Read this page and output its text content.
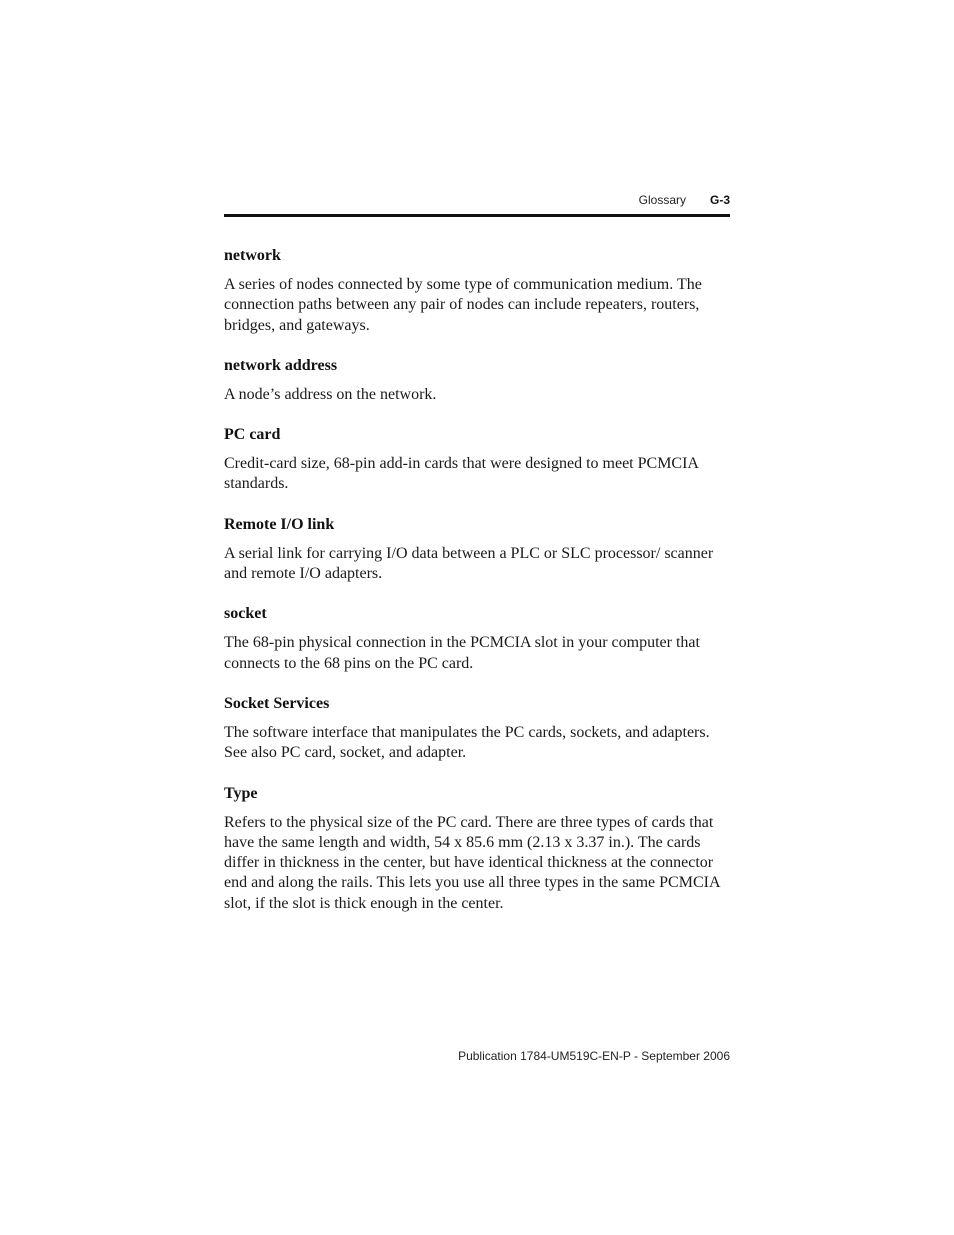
Glossary G-3

network

A series of nodes connected by some type of communication medium. The connection paths between any pair of nodes can include repeaters, routers, bridges, and gateways.

network address

A node’s address on the network.

PC card

Credit-card size, 68-pin add-in cards that were designed to meet PCMCIA standards.

Remote I/O link

A serial link for carrying I/O data between a PLC or SLC processor/ scanner and remote I/O adapters.

socket

The 68-pin physical connection in the PCMCIA slot in your computer that connects to the 68 pins on the PC card.

Socket Services

The software interface that manipulates the PC cards, sockets, and adapters. See also PC card, socket, and adapter.

Type

Refers to the physical size of the PC card. There are three types of cards that have the same length and width, 54 x 85.6 mm (2.13 x 3.37 in.). The cards differ in thickness in the center, but have identical thickness at the connector end and along the rails. This lets you use all three types in the same PCMCIA slot, if the slot is thick enough in the center.

Publication 1784-UM519C-EN-P - September 2006
